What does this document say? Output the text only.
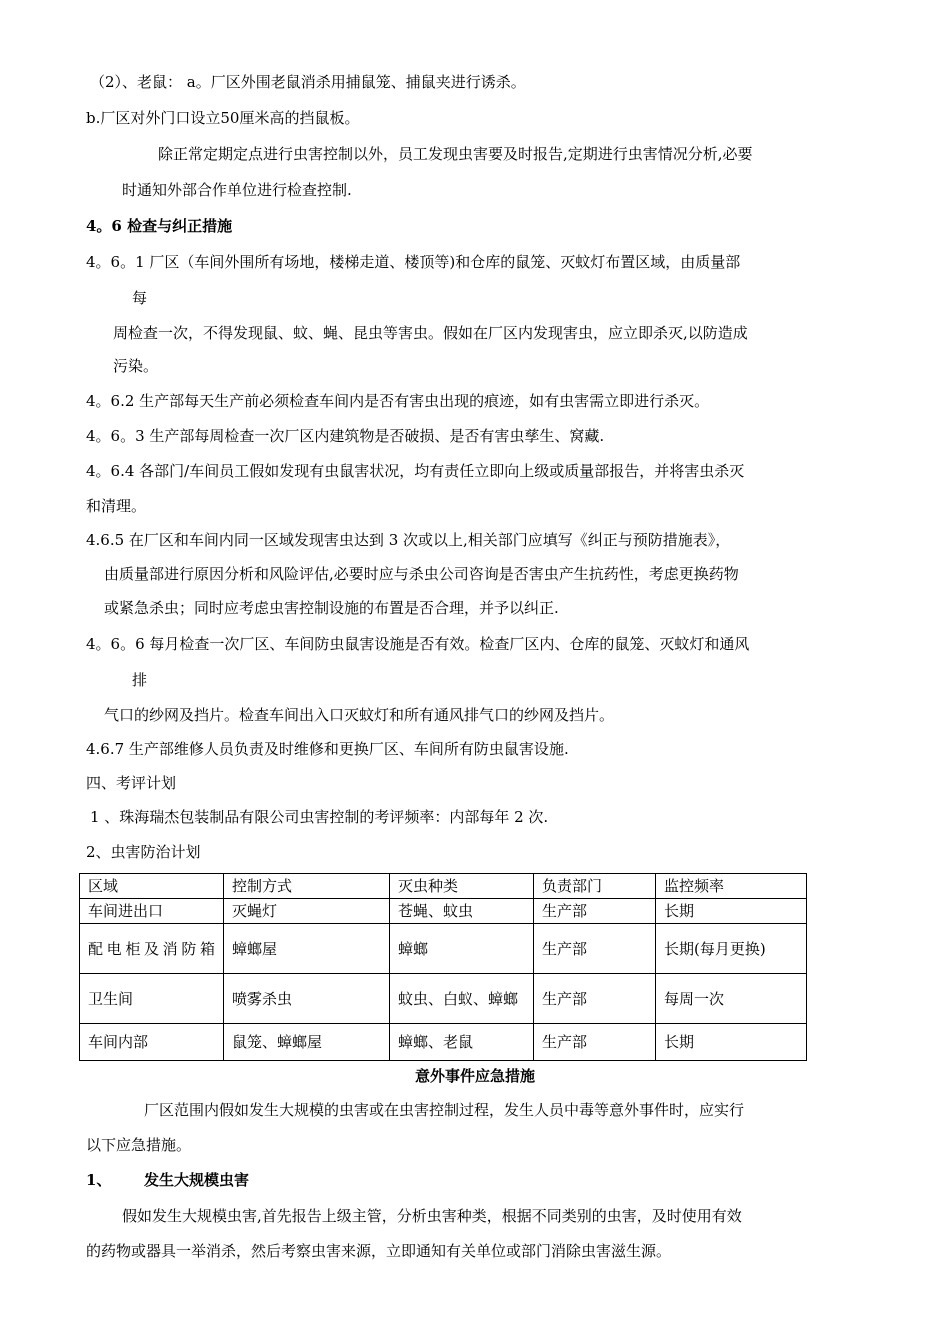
（2）、老鼠： a。厂区外围老鼠消杀用捕鼠笼、捕鼠夹进行诱杀。
b.厂区对外门口设立50厘米高的挡鼠板。
除正常定期定点进行虫害控制以外，员工发现虫害要及时报告,定期进行虫害情况分析,必要
时通知外部合作单位进行检查控制.
4。6 检查与纠正措施
4。6。1 厂区（车间外围所有场地，楼梯走道、楼顶等)和仓库的鼠笼、灭蚊灯布置区域，由质量部
每
周检查一次，不得发现鼠、蚊、蝇、昆虫等害虫。假如在厂区内发现害虫，应立即杀灭,以防造成
污染。
4。6.2 生产部每天生产前必须检查车间内是否有害虫出现的痕迹，如有虫害需立即进行杀灭。
4。6。3 生产部每周检查一次厂区内建筑物是否破损、是否有害虫孳生、窝藏.
4。6.4 各部门/车间员工假如发现有虫鼠害状况，均有责任立即向上级或质量部报告，并将害虫杀灭
和清理。
4.6.5 在厂区和车间内同一区域发现害虫达到 3 次或以上,相关部门应填写《纠正与预防措施表》，
由质量部进行原因分析和风险评估,必要时应与杀虫公司咨询是否害虫产生抗药性，考虑更换药物
或紧急杀虫；同时应考虑虫害控制设施的布置是否合理，并予以纠正.
4。6。6 每月检查一次厂区、车间防虫鼠害设施是否有效。检查厂区内、仓库的鼠笼、灭蚊灯和通风
排
气口的纱网及挡片。检查车间出入口灭蚊灯和所有通风排气口的纱网及挡片。
4.6.7 生产部维修人员负责及时维修和更换厂区、车间所有防虫鼠害设施.
四、考评计划
1 、珠海瑞杰包装制品有限公司虫害控制的考评频率：内部每年 2 次.
2、虫害防治计划
区域	控制方式	灭虫种类	负责部门	监控频率
车间进出口	灭蝇灯	苍蝇、蚊虫	生产部	长期
配电柜及消防箱	蟑螂屋	蟑螂	生产部	长期(每月更换)
卫生间	喷雾杀虫	蚊虫、白蚁、蟑螂	生产部	每周一次
车间内部	鼠笼、蟑螂屋	蟑螂、老鼠	生产部	长期
意外事件应急措施
厂区范围内假如发生大规模的虫害或在虫害控制过程，发生人员中毒等意外事件时，应实行
以下应急措施。
1、 发生大规模虫害
假如发生大规模虫害,首先报告上级主管，分析虫害种类，根据不同类别的虫害，及时使用有效
的药物或器具一举消杀，然后考察虫害来源，立即通知有关单位或部门消除虫害滋生源。
